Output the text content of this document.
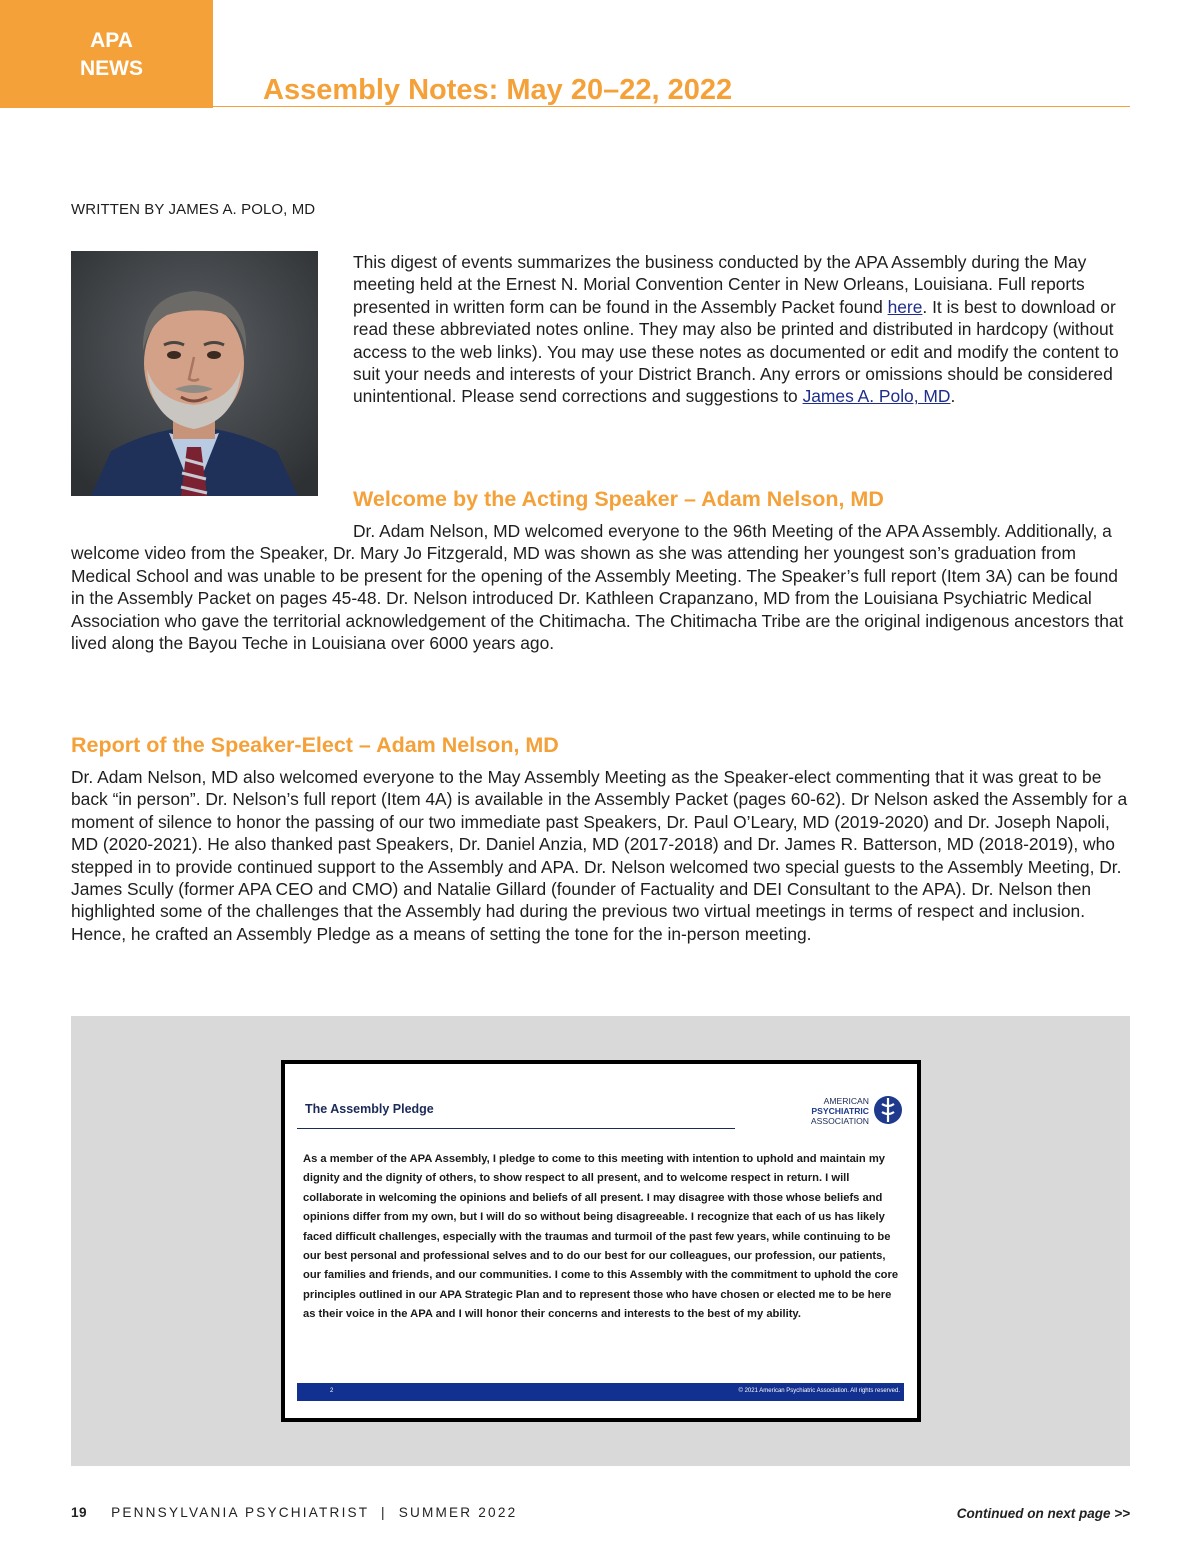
APA
NEWS
Assembly Notes: May 20–22, 2022
WRITTEN BY JAMES A. POLO, MD

This digest of events summarizes the business conducted by the APA Assembly during the May meeting held at the Ernest N. Morial Convention Center in New Orleans, Louisiana. Full reports presented in written form can be found in the Assembly Packet found here. It is best to download or read these abbreviated notes online. They may also be printed and distributed in hardcopy (without access to the web links). You may use these notes as documented or edit and modify the content to suit your needs and interests of your District Branch. Any errors or omissions should be considered unintentional. Please send corrections and suggestions to James A. Polo, MD.

Welcome by the Acting Speaker – Adam Nelson, MD

Dr. Adam Nelson, MD welcomed everyone to the 96th Meeting of the APA Assembly. Additionally, a welcome video from the Speaker, Dr. Mary Jo Fitzgerald, MD was shown as she was attending her youngest son’s graduation from Medical School and was unable to be present for the opening of the Assembly Meeting. The Speaker’s full report (Item 3A) can be found in the Assembly Packet on pages 45-48. Dr. Nelson introduced Dr. Kathleen Crapanzano, MD from the Louisiana Psychiatric Medical Association who gave the territorial acknowledgement of the Chitimacha. The Chitimacha Tribe are the original indigenous ancestors that lived along the Bayou Teche in Louisiana over 6000 years ago.

Report of the Speaker-Elect – Adam Nelson, MD

Dr. Adam Nelson, MD also welcomed everyone to the May Assembly Meeting as the Speaker-elect commenting that it was great to be back “in person”. Dr. Nelson’s full report (Item 4A) is available in the Assembly Packet (pages 60-62). Dr Nelson asked the Assembly for a moment of silence to honor the passing of our two immediate past Speakers, Dr. Paul O’Leary, MD (2019-2020) and Dr. Joseph Napoli, MD (2020-2021). He also thanked past Speakers, Dr. Daniel Anzia, MD (2017-2018) and Dr. James R. Batterson, MD (2018-2019), who stepped in to provide continued support to the Assembly and APA. Dr. Nelson welcomed two special guests to the Assembly Meeting, Dr. James Scully (former APA CEO and CMO) and Natalie Gillard (founder of Factuality and DEI Consultant to the APA). Dr. Nelson then highlighted some of the challenges that the Assembly had during the previous two virtual meetings in terms of respect and inclusion. Hence, he crafted an Assembly Pledge as a means of setting the tone for the in-person meeting.

The Assembly Pledge
AMERICAN
PSYCHIATRIC
ASSOCIATION

As a member of the APA Assembly, I pledge to come to this meeting with intention to uphold and maintain my dignity and the dignity of others, to show respect to all present, and to welcome respect in return. I will collaborate in welcoming the opinions and beliefs of all present. I may disagree with those whose beliefs and opinions differ from my own, but I will do so without being disagreeable. I recognize that each of us has likely faced difficult challenges, especially with the traumas and turmoil of the past few years, while continuing to be our best personal and professional selves and to do our best for our colleagues, our profession, our patients, our families and friends, and our communities. I come to this Assembly with the commitment to uphold the core principles outlined in our APA Strategic Plan and to represent those who have chosen or elected me to be here as their voice in the APA and I will honor their concerns and interests to the best of my ability.

2	© 2021 American Psychiatric Association. All rights reserved.
19 PENNSYLVANIA PSYCHIATRIST  |  SUMMER 2022	Continued on next page >>
